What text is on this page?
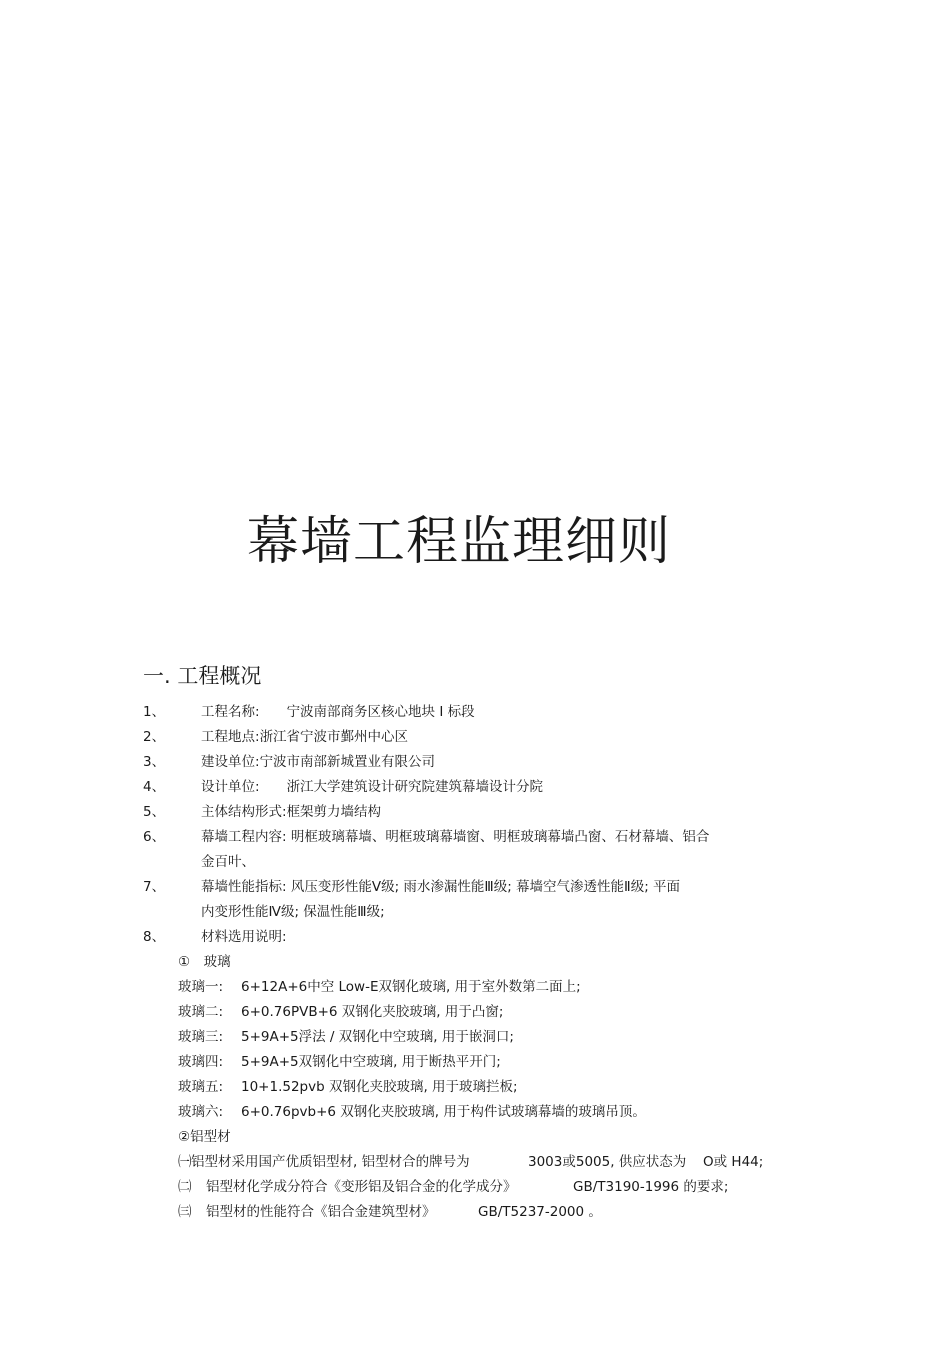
幕墙工程监理细则
一. 工程概况
1、	工程名称: 宁波南部商务区核心地块 I 标段
2、	工程地点:浙江省宁波市鄞州中心区
3、	建设单位:宁波市南部新城置业有限公司
4、	设计单位: 浙江大学建筑设计研究院建筑幕墙设计分院
5、	主体结构形式:框架剪力墙结构
6、	幕墙工程内容: 明框玻璃幕墙、明框玻璃幕墙窗、明框玻璃幕墙凸窗、石材幕墙、铝合
金百叶、
7、	幕墙性能指标: 风压变形性能Ⅴ级; 雨水渗漏性能Ⅲ级; 幕墙空气渗透性能Ⅱ级; 平面
内变形性能Ⅳ级; 保温性能Ⅲ级;
8、	材料选用说明:
①　玻璃
玻璃一: 6+12A+6中空 Low-E双钢化玻璃, 用于室外数第二面上;
玻璃二: 6+0.76PVB+6 双钢化夹胶玻璃, 用于凸窗;
玻璃三: 5+9A+5浮法 / 双钢化中空玻璃, 用于嵌洞口;
玻璃四: 5+9A+5双钢化中空玻璃, 用于断热平开门;
玻璃五: 10+1.52pvb 双钢化夹胶玻璃, 用于玻璃拦板;
玻璃六: 6+0.76pvb+6 双钢化夹胶玻璃, 用于构件试玻璃幕墙的玻璃吊顶。
②铝型材
㈠ 铝型材采用国产优质铝型材, 铝型材合的牌号为	3003或5005, 供应状态为 O或 H44;
㈡ 铝型材化学成分符合《变形铝及铝合金的化学成分》	GB/T3190-1996 的要求;
㈢ 铝型材的性能符合《铝合金建筑型材》	GB/T5237-2000 。
